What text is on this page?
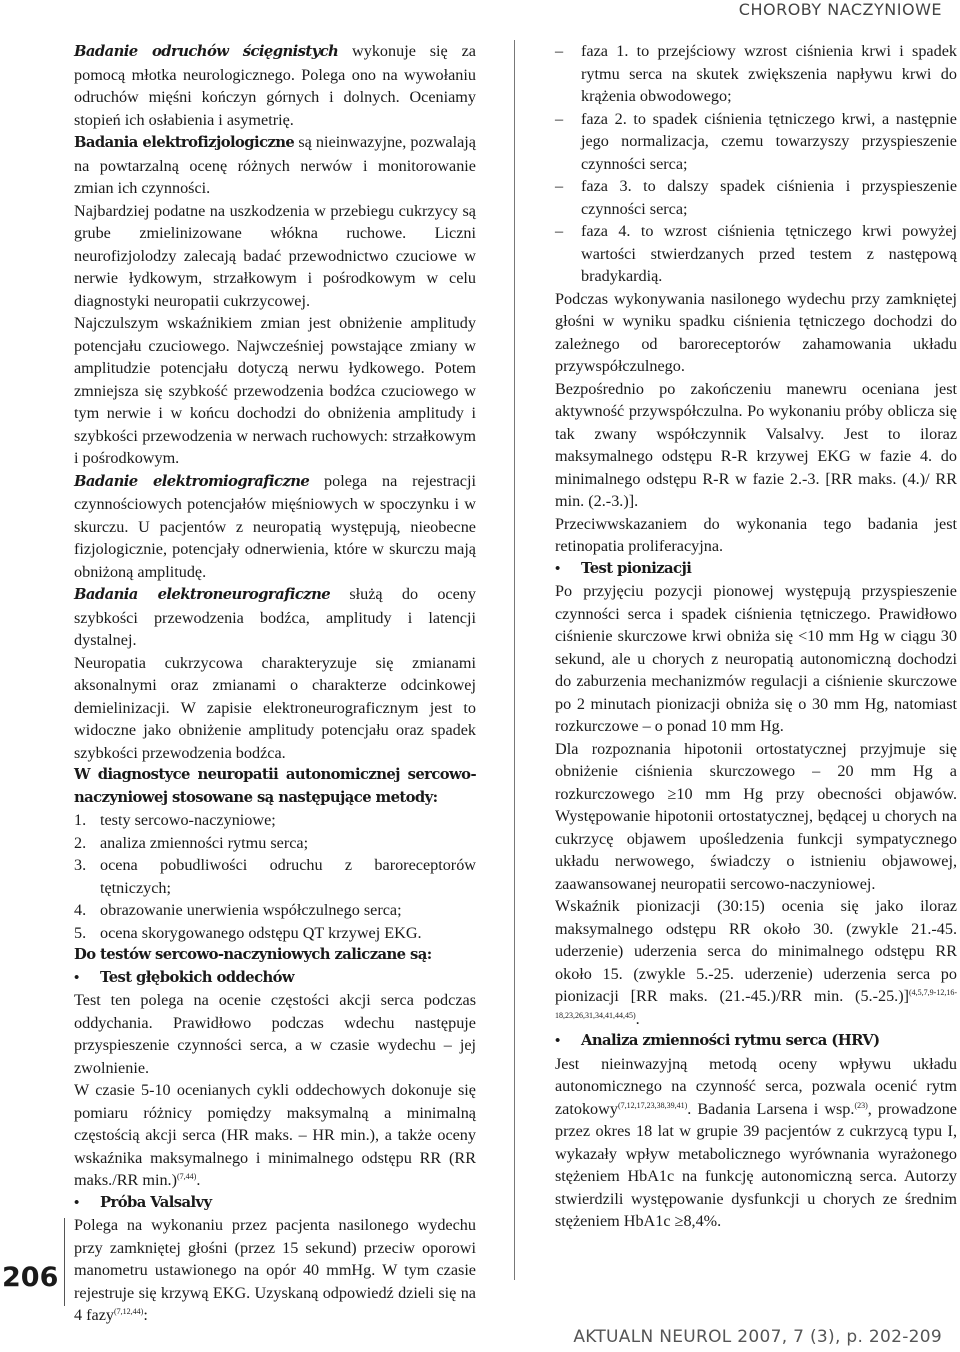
CHOROBY NACZYNIOWE

Badanie odruchów ścięgnistych wykonuje się za pomocą młotka neurologicznego. Polega ono na wywołaniu odruchów mięśni kończyn górnych i dolnych. Oceniamy stopień ich osłabienia i asymetrię.

Badania elektrofizjologiczne są nieinwazyjne, pozwalają na powtarzalną ocenę różnych nerwów i monitorowanie zmian ich czynności.

Najbardziej podatne na uszkodzenia w przebiegu cukrzycy są grube zmielinizowane włókna ruchowe. Liczni neurofizjolodzy zalecają badać przewodnictwo czuciowe w nerwie łydkowym, strzałkowym i pośrodkowym w celu diagnostyki neuropatii cukrzycowej.

Najczulszym wskaźnikiem zmian jest obniżenie amplitudy potencjału czuciowego. Najwcześniej powstające zmiany w amplitudzie potencjału dotyczą nerwu łydkowego. Potem zmniejsza się szybkość przewodzenia bodźca czuciowego w tym nerwie i w końcu dochodzi do obniżenia amplitudy i szybkości przewodzenia w nerwach ruchowych: strzałkowym i pośrodkowym.

Badanie elektromiograficzne polega na rejestracji czynnościowych potencjałów mięśniowych w spoczynku i w skurczu. U pacjentów z neuropatią występują, nieobecne fizjologicznie, potencjały odnerwienia, które w skurczu mają obniżoną amplitudę.

Badania elektroneurograficzne służą do oceny szybkości przewodzenia bodźca, amplitudy i latencji dystalnej.

Neuropatia cukrzycowa charakteryzuje się zmianami aksonalnymi oraz zmianami o charakterze odcinkowej demielinizacji. W zapisie elektroneurograficznym jest to widoczne jako obniżenie amplitudy potencjału oraz spadek szybkości przewodzenia bodźca.

W diagnostyce neuropatii autonomicznej sercowo-naczyniowej stosowane są następujące metody:

1. testy sercowo-naczyniowe;
2. analiza zmienności rytmu serca;
3. ocena pobudliwości odruchu z baroreceptorów tętniczych;
4. obrazowanie unerwienia współczulnego serca;
5. ocena skorygowanego odstępu QT krzywej EKG.

Do testów sercowo-naczyniowych zaliczane są:

•	Test głębokich oddechów

Test ten polega na ocenie częstości akcji serca podczas oddychania. Prawidłowo podczas wdechu następuje przyspieszenie czynności serca, a w czasie wydechu – jej zwolnienie.

W czasie 5-10 ocenianych cykli oddechowych dokonuje się pomiaru różnicy pomiędzy maksymalną a minimalną częstością akcji serca (HR maks. – HR min.), a także oceny wskaźnika maksymalnego i minimalnego odstępu RR (RR maks./RR min.)$^{(7,44)}$.

•	Próba Valsalvy

Polega na wykonaniu przez pacjenta nasilonego wydechu przy zamkniętej głośni (przez 15 sekund) przeciw oporowi manometru ustawionego na opór 40 mmHg. W tym czasie rejestruje się krzywą EKG. Uzyskaną odpowiedź dzieli się na 4 fazy$^{(7,12,44)}$:

–	faza 1. to przejściowy wzrost ciśnienia krwi i spadek rytmu serca na skutek zwiększenia napływu krwi do krążenia obwodowego;
–	faza 2. to spadek ciśnienia tętniczego krwi, a następnie jego normalizacja, czemu towarzyszy przyspieszenie czynności serca;
–	faza 3. to dalszy spadek ciśnienia i przyspieszenie czynności serca;
–	faza 4. to wzrost ciśnienia tętniczego krwi powyżej wartości stwierdzanych przed testem z następową bradykardią.

Podczas wykonywania nasilonego wydechu przy zamkniętej głośni w wyniku spadku ciśnienia tętniczego dochodzi do zależnego od baroreceptorów zahamowania układu przywspółczulnego.

Bezpośrednio po zakończeniu manewru oceniana jest aktywność przywspółczulna. Po wykonaniu próby oblicza się tak zwany współczynnik Valsalvy. Jest to iloraz maksymalnego odstępu R-R krzywej EKG w fazie 4. do minimalnego odstępu R-R w fazie 2.-3. [RR maks. (4.)/ RR min. (2.-3.)].

Przeciwwskazaniem do wykonania tego badania jest retinopatia proliferacyjna.

•	Test pionizacji

Po przyjęciu pozycji pionowej występują przyspieszenie czynności serca i spadek ciśnienia tętniczego. Prawidłowo ciśnienie skurczowe krwi obniża się <10 mm Hg w ciągu 30 sekund, ale u chorych z neuropatią autonomiczną dochodzi do zaburzenia mechanizmów regulacji a ciśnienie skurczowe po 2 minutach pionizacji obniża się o 30 mm Hg, natomiast rozkurczowe – o ponad 10 mm Hg.

Dla rozpoznania hipotonii ortostatycznej przyjmuje się obniżenie ciśnienia skurczowego – 20 mm Hg a rozkurczowego ≥10 mm Hg przy obecności objawów. Występowanie hipotonii ortostatycznej, będącej u chorych na cukrzycę objawem upośledzenia funkcji sympatycznego układu nerwowego, świadczy o istnieniu objawowej, zaawansowanej neuropatii sercowo-naczyniowej.

Wskaźnik pionizacji (30:15) ocenia się jako iloraz maksymalnego odstępu RR około 30. (zwykle 21.-45. uderzenie) uderzenia serca do minimalnego odstępu RR około 15. (zwykle 5.-25. uderzenie) uderzenia serca po pionizacji [RR maks. (21.-45.)/RR min. (5.-25.)]$^{(4,5,7,9-12,16-18,23,26,31,34,41,44,45)}$.

•	Analiza zmienności rytmu serca (HRV)

Jest nieinwazyjną metodą oceny wpływu układu autonomicznego na czynność serca, pozwala ocenić rytm zatokowy$^{(7,12,17,23,38,39,41)}$. Badania Larsena i wsp.$^{(23)}$, prowadzone przez okres 18 lat w grupie 39 pacjentów z cukrzycą typu I, wykazały wpływ metabolicznego wyrównania wyrażonego stężeniem HbA1c na funkcję autonomiczną serca. Autorzy stwierdzili występowanie dysfunkcji u chorych ze średnim stężeniem HbA1c ≥8,4%.

206
AKTUALN NEUROL 2007, 7 (3), p. 202-209
